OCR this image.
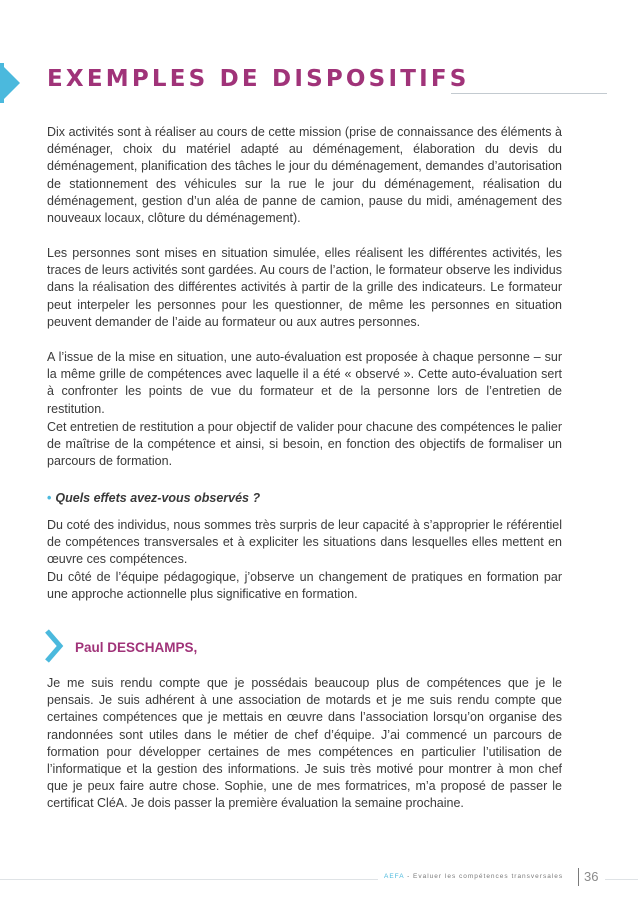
EXEMPLES DE DISPOSITIFS

Dix activités sont à réaliser au cours de cette mission (prise de connaissance des éléments à déménager, choix du matériel adapté au déménagement, élaboration du devis du déménagement, planification des tâches le jour du déménagement, demandes d’autorisation de stationnement des véhicules sur la rue le jour du déménagement, réalisation du déménagement, gestion d’un aléa de panne de camion, pause du midi, aménagement des nouveaux locaux, clôture du déménagement).

Les personnes sont mises en situation simulée, elles réalisent les différentes activités, les traces de leurs activités sont gardées. Au cours de l’action, le formateur observe les individus dans la réalisation des différentes activités à partir de la grille des indicateurs. Le formateur peut interpeler les personnes pour les questionner, de même les personnes en situation peuvent demander de l’aide au formateur ou aux autres personnes.

A l’issue de la mise en situation, une auto-évaluation est proposée à chaque personne – sur la même grille de compétences avec laquelle il a été « observé ». Cette auto-évaluation sert à confronter les points de vue du formateur et de la personne lors de l’entretien de restitution.

Cet entretien de restitution a pour objectif de valider pour chacune des compétences le palier de maîtrise de la compétence et ainsi, si besoin, en fonction des objectifs de formaliser un parcours de formation.

• Quels effets avez-vous observés ?

Du coté des individus, nous sommes très surpris de leur capacité à s’approprier le référentiel de compétences transversales et à expliciter les situations dans lesquelles elles mettent en œuvre ces compétences.

Du côté de l’équipe pédagogique, j’observe un changement de pratiques en formation par une approche actionnelle plus significative en formation.

Paul DESCHAMPS,

Je me suis rendu compte que je possédais beaucoup plus de compétences que je le pensais. Je suis adhérent à une association de motards et je me suis rendu compte que certaines compétences que je mettais en œuvre dans l’association lorsqu’on organise des randonnées sont utiles dans le métier de chef d’équipe. J’ai commencé un parcours de formation pour développer certaines de mes compétences en particulier l’utilisation de l’informatique et la gestion des informations. Je suis très motivé pour montrer à mon chef que je peux faire autre chose. Sophie, une de mes formatrices, m’a proposé de passer le certificat CléA. Je dois passer la première évaluation la semaine prochaine.

AEFA - Evaluer les compétences transversales 36
